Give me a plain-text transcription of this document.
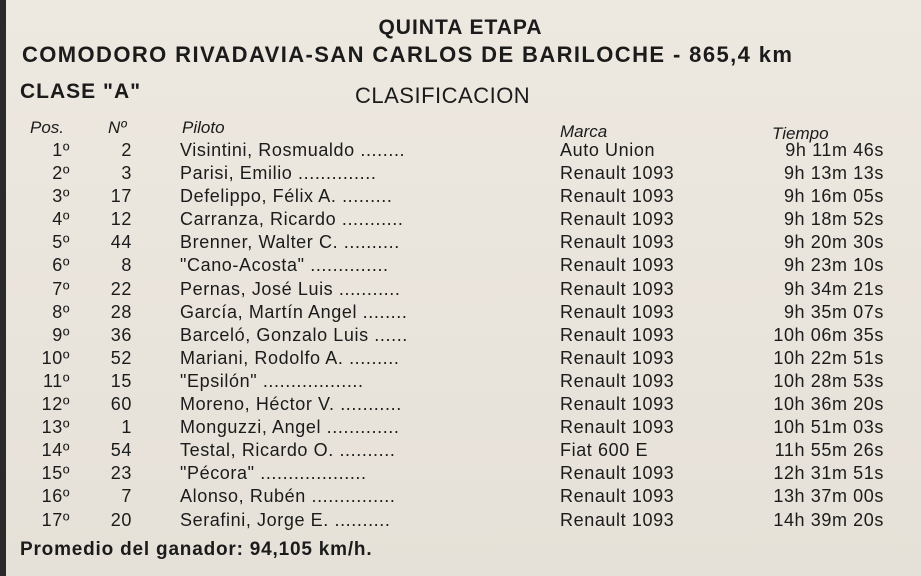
QUINTA ETAPA
COMODORO RIVADAVIA-SAN CARLOS DE BARILOCHE - 865,4 km
CLASE "A"	CLASIFICACION
Pos.	Nº	Piloto	Marca	Tiempo
1º	2	Visintini, Rosmualdo ........	Auto Union	9h 11m 46s
2º	3	Parisi, Emilio ..............	Renault 1093	9h 13m 13s
3º	17	Defelippo, Félix A. .........	Renault 1093	9h 16m 05s
4º	12	Carranza, Ricardo ...........	Renault 1093	9h 18m 52s
5º	44	Brenner, Walter C. ..........	Renault 1093	9h 20m 30s
6º	8	"Cano-Acosta" ..............	Renault 1093	9h 23m 10s
7º	22	Pernas, José Luis ...........	Renault 1093	9h 34m 21s
8º	28	García, Martín Angel ........	Renault 1093	9h 35m 07s
9º	36	Barceló, Gonzalo Luis ......	Renault 1093	10h 06m 35s
10º	52	Mariani, Rodolfo A. .........	Renault 1093	10h 22m 51s
11º	15	"Epsilón" ..................	Renault 1093	10h 28m 53s
12º	60	Moreno, Héctor V. ...........	Renault 1093	10h 36m 20s
13º	1	Monguzzi, Angel .............	Renault 1093	10h 51m 03s
14º	54	Testal, Ricardo O. ..........	Fiat 600 E	11h 55m 26s
15º	23	"Pécora" ...................	Renault 1093	12h 31m 51s
16º	7	Alonso, Rubén ...............	Renault 1093	13h 37m 00s
17º	20	Serafini, Jorge E. ..........	Renault 1093	14h 39m 20s
Promedio del ganador: 94,105 km/h.
